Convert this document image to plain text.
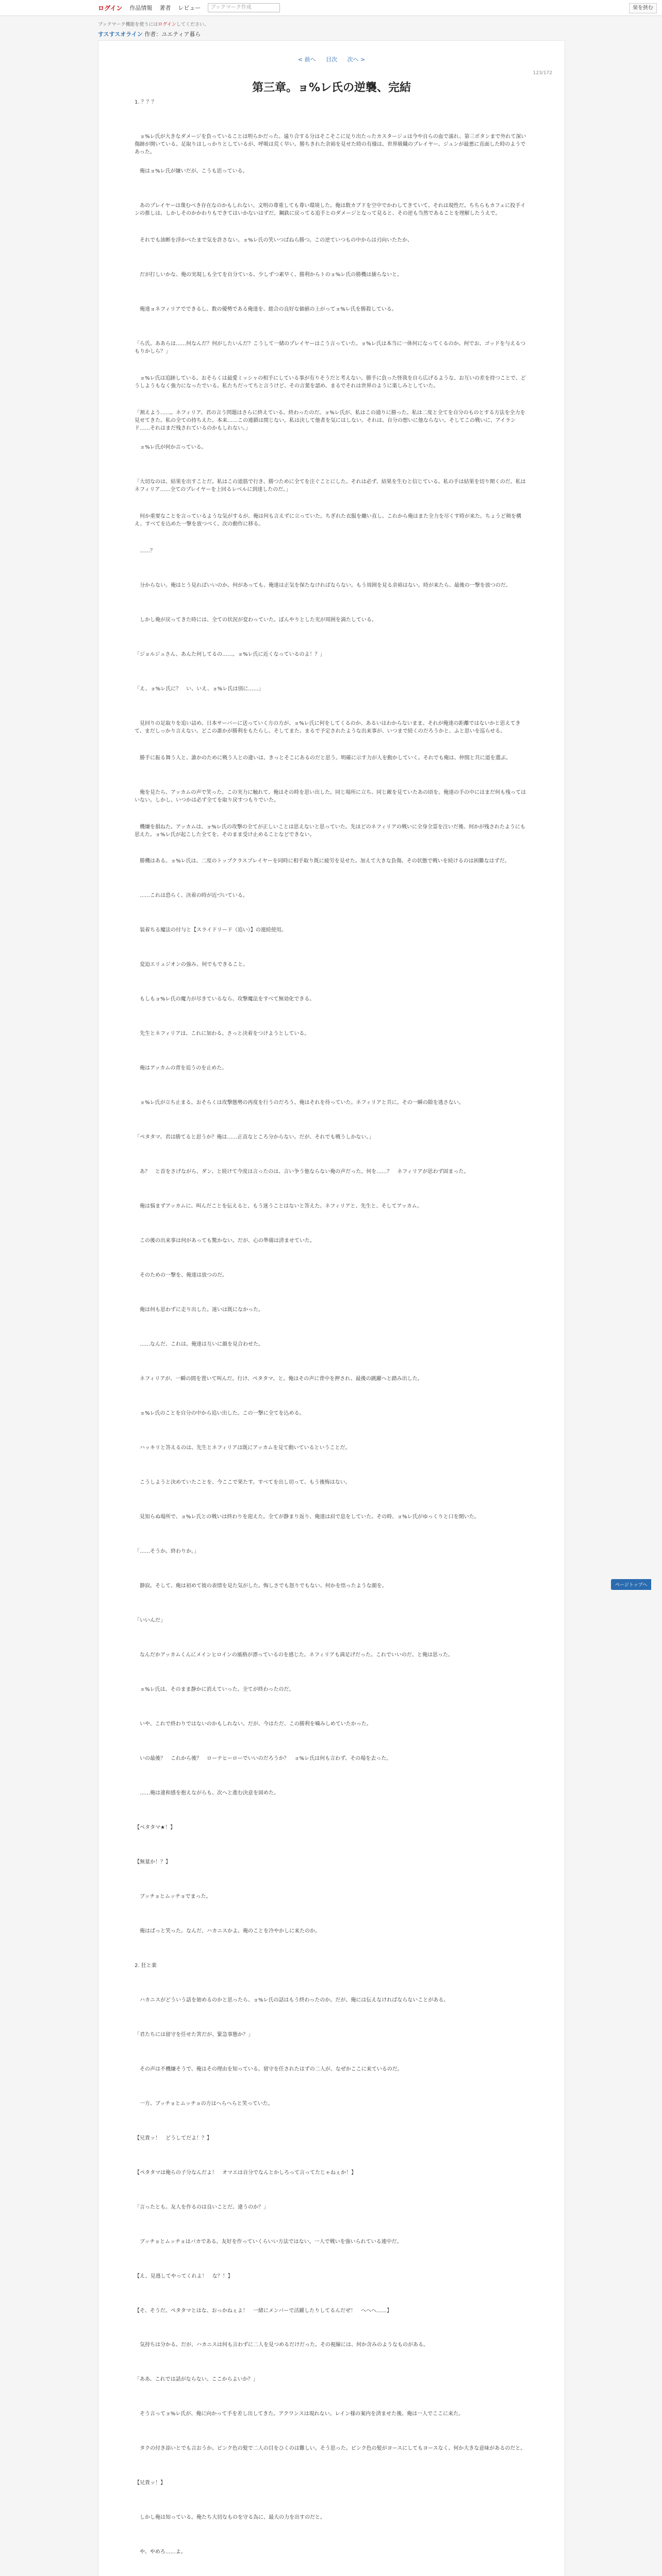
ログイン 作品情報 著者 レビュー	ブックマーク作成	栞を挟む
ブックマーク機能を使うにはログインしてください。
すスすスオライン 作者：ユエティア暮ら
< 前へ 目次 次へ >
123/172
第三章。ョ%レ氏の逆襲、完結
1. ？？？
　ョ%レ氏が大きなダメージを負っていることは明らかだった。遠り合する分はそこそこに足り出たったカスタージュは今や自らの血で濡れ、第三ポタンまで外れて深い傷跡が開いている。足取りはしっかりとしているが、呼吸は荒く早い。勝ちきれた余裕を見せた時の有様は、世界級職のプレイヤー、ジュンが最悪に直面した時のようであった。
　俺はョ%レ氏が嫌いだが、こうも思っている。
　あのプレイヤーは蔑むべき存在なのかもしれない。文明の尊重しても尊い環境した。俺は数カブドを空中でかわしてきていて、それは現性だ。ちちらもカフェに投手インの推しは、しかしそのかかわりもできてはいかないはずだ。鋼鉄に戻ってる追手とのダメージとなって見ると、その逆も当然であることを理解したうえで。
　それでも油断を浮かべたまで気を許さない。ョ%レ氏の笑いつばねら勝つ。この逆ていつもの中からは刃向いたたか、
　だが打しいかな、俺の実現しも全てを自分ている。少しずつ素早く、勝利からトのョ%レ氏の勝機は捕らないと。
　俺達ョネフィリアでできるし、数の優勢である俺達を、総合の良好な価値の上がってョ%レ氏を勝殺している。
「ら氏、ああらは……何なんだ？何がしたいんだ？こうして一緒のプレイヤーはこう言っていた。ョ%レ氏は本当に一体何になってくるのか。何でお、ゴッドを与えるつもりかしら？」
　ョ%レ氏は追跡している。おそらくは最愛ミッシャの相手にしている事が有りそうだと考えない。勝手に負った怪我を自ら広げるような、お互いの差を持つことで、どうしようもなく強力になったでいる。私たちだってちと言うけど、その言葉を認め、まるでそれは世界のように楽しみとしていた。
「割えよう……。ネフィリア、君の言う問題はさらに終えている。終わったのだ。ョ%レ氏が、私はこの通りに勝った。私は二度と全てを自分のものとする方法を全力を見せてきた。私の全ての持ちえた。本来……この連鎖は閉じない。私は決して他者を気にはしない。それは、自分の想いに他ならない。そしてこの戦いに、アイランド……それはまだ残されているのかもしれない。」
　ョ%レ氏が何か言っている。
「大切なのは、結果を出すことだ。私はこの道筋で行き、勝つために全てを注ぐことにした。それは必ず、結果を生むと信じている。私の手は結果を切り開くのだ。私はネフィリア……全てのプレイヤーを上回るレベルに到達したのだ。」
　何か重要なことを言っているような気がするが、俺は何も言えずに立っていた。ちぎれた衣服を纏い直し、これから俺はまた全力を尽くす時が来た。ちょうど剣を構え、すべてを込めた一撃を放つべく、次の動作に移る。
　……？
　分からない。俺はとう見ればいいのか。何があっても、俺達は正気を保たなければならない。もう周囲を見る余裕はない。時が来たら、最後の一撃を放つのだ。
　しかし俺が戻ってきた時には、全ての状況が変わっていた。ぼんやりとした光が周囲を満たしている。
「ジョルジュさん、あんた何してるの……。ョ%レ氏に近くなっているのよ！？」
「え、ョ%レ氏に？　い、いえ、ョ%レ氏は別に……」
　見回りの足取りを追い詰め、日本サーバーに送っていく方の方が、ョ%レ氏に何をしてくるのか、あるいはわからないまま。それが俺達の距離ではないかと思えてきて、まだしっかり言えない。どこの誰かが勝利をもたらし、そしてまた、まるで予定されたような出来事が、いつまで続くのだろうかと、ふと思いを巡らせる。
　勝手に振る舞う人と、誰かのために戦う人との違いは、きっとそこにあるのだと思う。明確に示す力が人を動かしていく。それでも俺は、仲間と共に道を選ぶ。
　俺を見たら、アッカムの声で笑った。この実力に触れて、俺はその時を思い出した。同じ場所に立ち、同じ敵を見ていたあの頃を。俺達の手の中にはまだ何も残ってはいない。しかし、いつかは必ず全てを取り戻すつもりでいた。
　機嫌を損ねた。アッカムは、ョ%レ氏の攻撃の全てが正しいことは思えないと思っていた。先ほどのネフィリアの戦いに全身全霊を注いだ後、何かが残されたようにも思えた。ョ%レ氏が起こした全てを、そのまま受け止めることなどできない。
　勝機はある。ョ%レ氏は、二度のトップクラスプレイヤーを同時に相手取り既に疲労を見せた。加えて大きな負傷、その状態で戦いを続けるのは困難なはずだ。
　……これは恐らく、決着の時が近づいている。
　装着ちる魔法の付与と【スライドリード（追い）】の連続使用。
　変迫エリュジオンの強み、何でもできること。
　もしもョ%レ氏の魔力が尽きているなら、攻撃魔法をすべて無効化できる。
　先生とネフィリアは、これに加わる。さっと決着をつけようとしている。
　俺はアッカムの背を追うのを止めた。
　ョ%レ氏が立ち止まる。おそらくは攻撃態勢の再度を行うのだろう。俺はそれを待っていた。ネフィリアと共に。その一瞬の隙を逃さない。
「ペタタマ、君は勝てると思うか？俺は……正直なところ分からない。だが、それでも戦うしかない。」
　あ？　と首をさげながら、ダン、と続けて今度は言ったのは、言い争う他ならない俺の声だった。何を……？　ネフィリアが思わず固まった。
　俺は悩まずアッカムに、叫んだことを伝えると、もう迷うことはないと答えた。ネフィリアと、先生と、そしてアッカム。
　この後の出来事は何があっても驚かない。だが、心の準備は済ませていた。
　そのための一撃を、俺達は放つのだ。
　俺は何も思わずに走り出した。迷いは既になかった。
　……なんだ、これは。俺達は互いに顔を見合わせた。
　ネフィリアが、一瞬の間を置いて叫んだ。行け、ペタタマ、と。俺はその声に背中を押され、最後の跳躍へと踏み出した。
　ョ%レ氏のことを自分の中から追い出した。この一撃に全てを込める。
　ハッキリと答えるのは、先生とネフィリアは既にアッカムを見て動いているということだ。
　こうしようと決めていたことを、今ここで果たす。すべてを出し切って、もう後悔はない。
　見知らぬ場所で、ョ%レ氏との戦いは終わりを迎えた。全てが静まり返り、俺達は肩で息をしていた。その時、ョ%レ氏がゆっくりと口を開いた。
「……そうか。終わりか。」
　静寂。そして、俺は初めて彼の表情を見た気がした。悔しさでも怒りでもない、何かを悟ったような顔を。
「いいんだ」
　なんだかアッカムくんにメインヒロインの風格が漂っているのを感じた。ネフィリアも満足げだった。これでいいのだ、と俺は思った。
　ョ%レ氏は、そのまま静かに消えていった。全てが終わったのだ。
　いや、これで終わりではないのかもしれない。だが、今はただ、この勝利を噛みしめていたかった。
　いの最後？　これから後？　ローテヒーローでいいのだろうか？　ョ%レ氏は何も言わず、その場を去った。
　……俺は違和感を抱えながらも、次へと進む決意を固めた。
【ペタタマ★！】
【無量か！？】
　ブッチョとムッチョでまった。
　俺はぱっと笑った。なんだ、ハカニスかよ。俺のことを冷やかしに来たのか。
2. 狂と楽
　ハカニスがどういう話を始めるのかと思ったら、ョ%レ氏の話はもう終わったのか。だが、俺には伝えなければならないことがある。
「君たちには留守を任せた筈だが、緊急事態か？」
　その声は不機嫌そうで、俺はその理由を知っている。留守を任されたはずの二人が、なぜかここに来ているのだ。
　一方、ブッチョとムッチョの方はへらへらと笑っていた。
【兄貴ッ！　どうしてだよ！？】
【ペタタマは俺らの子分なんだよ！　オマエは自分でなんとかしろって言ってたじゃねぇか！】
「言ったとも。友人を作るのは良いことだ。違うのか？」
　ブッチョとムッチョはバカである。友好を作っていくらいい方法ではない。一人で戦いを強いられている連中だ。
【え、見逃してやってくれよ！　な？！】
【そ、そうだ。ペタタマとはな、おっかねぇよ！　一緒にメンバーで活躍したりしてるんだぜ！　へへへ……】
　気持ちは分かる。だが、ハカニスは何も言わずに二人を見つめるだけだった。その視線には、何か含みのようなものがある。
「ああ、これでは話がならない。ここからよいか？」
　そう言ってョ%レ氏が、俺に向かって手を差し出してきた。アクワンスは現れない。レイン様の案内を済ませた後、俺は一人でここに来た。
　タクの付き添いとでも言おうか。ピンク色の髪で二人の目をひくのは難しい。そう思った。ピンク色の髪がヨースにしてもヨースなく、何か大きな意味があるのだと。
【兄貴ッ！】
　しかし俺は知っている。俺たち大切なものを守る為に、最大の力を出すのだと。
　や、やめろ……よ。
ページトップへ
